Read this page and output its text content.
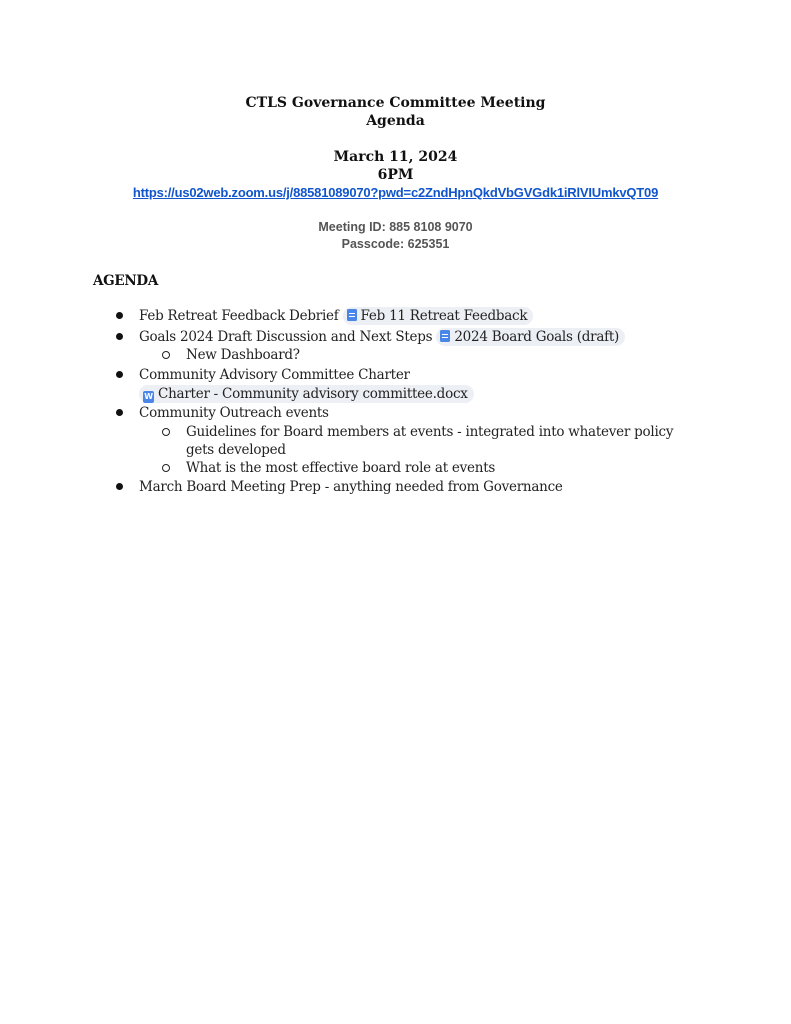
CTLS Governance Committee Meeting
Agenda
March 11, 2024
6PM
https://us02web.zoom.us/j/88581089070?pwd=c2ZndHpnQkdVbGVGdk1iRlVIUmkvQT09
Meeting ID: 885 8108 9070
Passcode: 625351
AGENDA
Feb Retreat Feedback Debrief Feb 11 Retreat Feedback
Goals 2024 Draft Discussion and Next Steps 2024 Board Goals (draft)
New Dashboard?
Community Advisory Committee Charter
W Charter - Community advisory committee.docx
Community Outreach events
Guidelines for Board members at events - integrated into whatever policy
gets developed
What is the most effective board role at events
March Board Meeting Prep - anything needed from Governance
